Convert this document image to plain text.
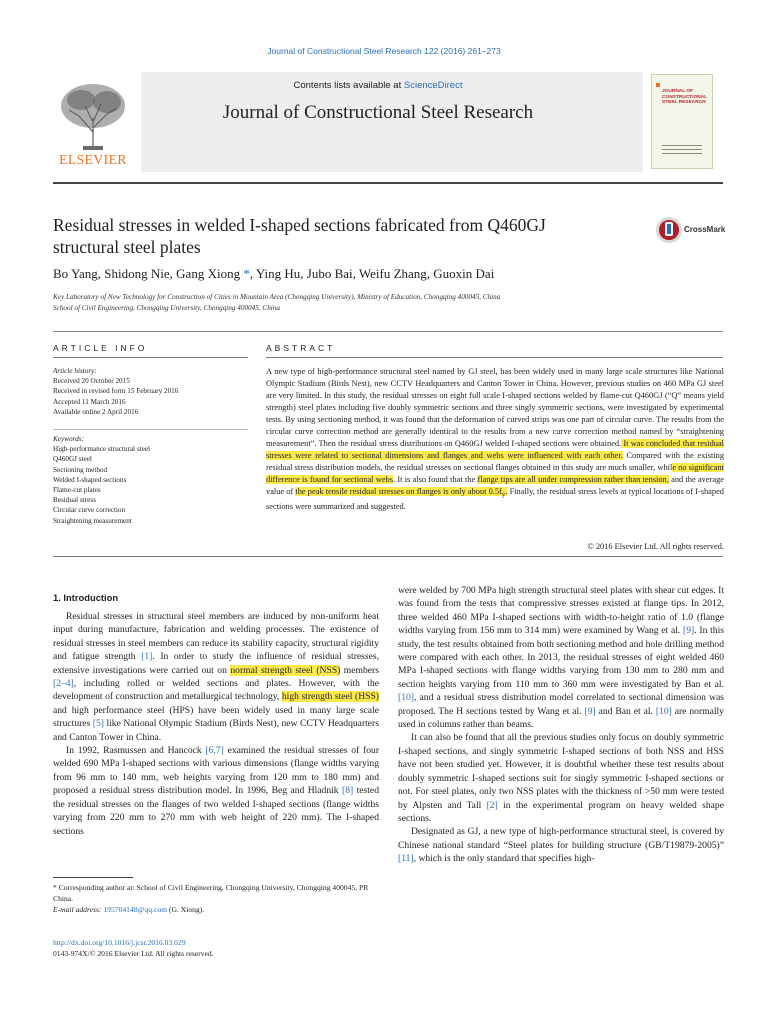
Journal of Constructional Steel Research 122 (2016) 261–273
ELSEVIER
Contents lists available at ScienceDirect
Journal of Constructional Steel Research
JOURNAL OF CONSTRUCTIONAL STEEL RESEARCH
Residual stresses in welded I-shaped sections fabricated from Q460GJ
structural steel plates
CrossMark
Bo Yang, Shidong Nie, Gang Xiong *, Ying Hu, Jubo Bai, Weifu Zhang, Guoxin Dai
Key Laboratory of New Technology for Construction of Cities in Mountain Area (Chongqing University), Ministry of Education, Chongqing 400045, China
School of Civil Engineering, Chongqing University, Chongqing 400045, China
ARTICLE INFO
Article history:
Received 20 October 2015
Received in revised form 15 February 2016
Accepted 11 March 2016
Available online 2 April 2016
Keywords:
High-performance structural steel
Q460GJ steel
Sectioning method
Welded I-shaped sections
Flame-cut plates
Residual stress
Circular curve correction
Straightening measurement
ABSTRACT
A new type of high-performance structural steel named by GJ steel, has been widely used in many large scale structures like National Olympic Stadium (Birds Nest), new CCTV Headquarters and Canton Tower in China. However, previous studies on 460 MPa GJ steel are very limited. In this study, the residual stresses on eight full scale I-shaped sections welded by flame-cut Q460GJ (“Q” means yield strength) steel plates including five doubly symmetric sections and three singly symmetric sections, were investigated by experimental tests. By using sectioning method, it was found that the deformation of curved strips was one part of circular curve. The results from the circular curve correction method are generally identical to the results from a new curve correction method named by “straightening measurement”. Then the residual stress distributions on Q460GJ welded I-shaped sections were obtained. It was concluded that residual stresses were related to sectional dimensions and flanges and webs were influenced with each other. Compared with the existing residual stress distribution models, the residual stresses on sectional flanges obtained in this study are much smaller, while no significant difference is found for sectional webs. It is also found that the flange tips are all under compression rather than tension, and the average value of the peak tensile residual stresses on flanges is only about $0.5f_y$. Finally, the residual stress levels at typical locations of I-shaped sections were summarized and suggested.
© 2016 Elsevier Ltd. All rights reserved.
1. Introduction

Residual stresses in structural steel members are induced by non-uniform heat input during manufacture, fabrication and welding processes. The existence of residual stresses in steel members can reduce its stability capacity, structural rigidity and fatigue strength [1]. In order to study the influence of residual stresses, extensive investigations were carried out on normal strength steel (NSS) members [2–4], including rolled or welded sections and plates. However, with the development of construction and metallurgical technology, high strength steel (HSS) and high performance steel (HPS) have been widely used in many large scale structures [5] like National Olympic Stadium (Birds Nest), new CCTV Headquarters and Canton Tower in China.

In 1992, Rasmussen and Hancock [6,7] examined the residual stresses of four welded 690 MPa I-shaped sections with various dimensions (flange widths varying from 96 mm to 140 mm, web heights varying from 120 mm to 180 mm) and proposed a residual stress distribution model. In 1996, Beg and Hladnik [8] tested the residual stresses on the flanges of two welded I-shaped sections (flange widths varying from 220 mm to 270 mm with web height of 220 mm). The I-shaped sections

were welded by 700 MPa high strength structural steel plates with shear cut edges. It was found from the tests that compressive stresses existed at flange tips. In 2012, three welded 460 MPa I-shaped sections with width-to-height ratio of 1.0 (flange widths varying from 156 mm to 314 mm) were examined by Wang et al. [9]. In this study, the test results obtained from both sectioning method and hole drilling method were compared with each other. In 2013, the residual stresses of eight welded 460 MPa I-shaped sections with flange widths varying from 130 mm to 280 mm and section heights varying from 110 mm to 360 mm were investigated by Ban et al. [10], and a residual stress distribution model correlated to sectional dimension was proposed. The H sections tested by Wang et al. [9] and Ban et al. [10] are normally used in columns rather than beams.

It can also be found that all the previous studies only focus on doubly symmetric I-shaped sections, and singly symmetric I-shaped sections of both NSS and HSS have not been studied yet. However, it is doubtful whether these test results about doubly symmetric I-shaped sections suit for singly symmetric I-shaped sections or not. For steel plates, only two NSS plates with the thickness of >50 mm were tested by Alpsten and Tall [2] in the experimental program on heavy welded shape sections.

Designated as GJ, a new type of high-performance structural steel, is covered by Chinese national standard “Steel plates for building structure (GB/T19879-2005)” [11], which is the only standard that specifies high-

* Corresponding author at: School of Civil Engineering, Chongqing University, Chongqing 400045, PR China.
E-mail address: 195704148@qq.com (G. Xiong).
http://dx.doi.org/10.1016/j.jcsr.2016.03.029
0143-974X/© 2016 Elsevier Ltd. All rights reserved.
